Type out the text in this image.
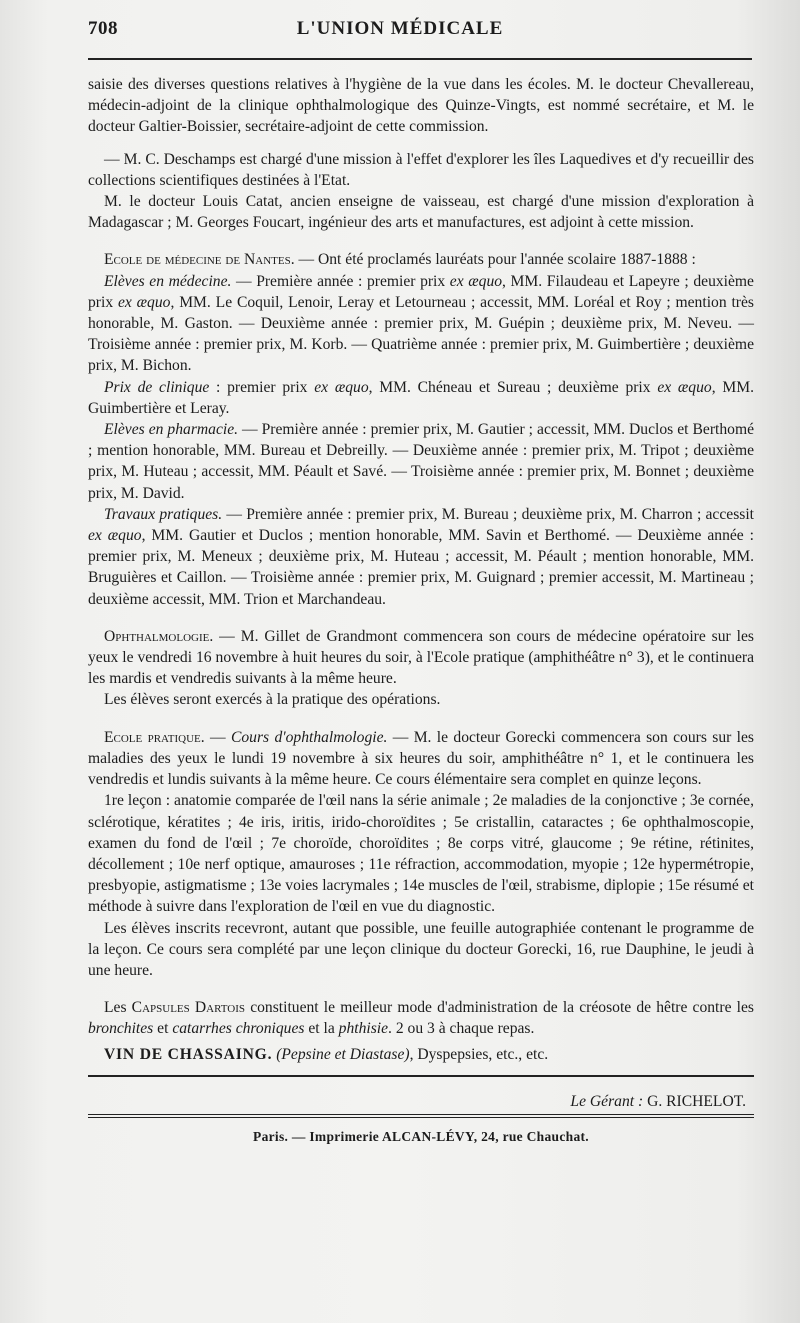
708	L'UNION MÉDICALE

saisie des diverses questions relatives à l'hygiène de la vue dans les écoles. M. le docteur Chevallereau, médecin-adjoint de la clinique ophthalmologique des Quinze-Vingts, est nommé secrétaire, et M. le docteur Galtier-Boissier, secrétaire-adjoint de cette commission.

— M. C. Deschamps est chargé d'une mission à l'effet d'explorer les îles Laquedives et d'y recueillir des collections scientifiques destinées à l'Etat.

M. le docteur Louis Catat, ancien enseigne de vaisseau, est chargé d'une mission d'exploration à Madagascar ; M. Georges Foucart, ingénieur des arts et manufactures, est adjoint à cette mission.

Ecole de médecine de Nantes. — Ont été proclamés lauréats pour l'année scolaire 1887-1888 :

Elèves en médecine. — Première année : premier prix ex æquo, MM. Filaudeau et Lapeyre ; deuxième prix ex æquo, MM. Le Coquil, Lenoir, Leray et Letourneau ; accessit, MM. Loréal et Roy ; mention très honorable, M. Gaston. — Deuxième année : premier prix, M. Guépin ; deuxième prix, M. Neveu. — Troisième année : premier prix, M. Korb. — Quatrième année : premier prix, M. Guimbertière ; deuxième prix, M. Bichon.

Prix de clinique : premier prix ex æquo, MM. Chéneau et Sureau ; deuxième prix ex æquo, MM. Guimbertière et Leray.

Elèves en pharmacie. — Première année : premier prix, M. Gautier ; accessit, MM. Duclos et Berthomé ; mention honorable, MM. Bureau et Debreilly. — Deuxième année : premier prix, M. Tripot ; deuxième prix, M. Huteau ; accessit, MM. Péault et Savé. — Troisième année : premier prix, M. Bonnet ; deuxième prix, M. David.

Travaux pratiques. — Première année : premier prix, M. Bureau ; deuxième prix, M. Charron ; accessit ex æquo, MM. Gautier et Duclos ; mention honorable, MM. Savin et Berthomé. — Deuxième année : premier prix, M. Meneux ; deuxième prix, M. Huteau ; accessit, M. Péault ; mention honorable, MM. Bruguières et Caillon. — Troisième année : premier prix, M. Guignard ; premier accessit, M. Martineau ; deuxième accessit, MM. Trion et Marchandeau.

Ophthalmologie. — M. Gillet de Grandmont commencera son cours de médecine opératoire sur les yeux le vendredi 16 novembre à huit heures du soir, à l'Ecole pratique (amphithéâtre n° 3), et le continuera les mardis et vendredis suivants à la même heure.

Les élèves seront exercés à la pratique des opérations.

Ecole pratique. — Cours d'ophthalmologie. — M. le docteur Gorecki commencera son cours sur les maladies des yeux le lundi 19 novembre à six heures du soir, amphithéâtre n° 1, et le continuera les vendredis et lundis suivants à la même heure. Ce cours élémentaire sera complet en quinze leçons.

1re leçon : anatomie comparée de l'œil nans la série animale ; 2e maladies de la conjonctive ; 3e cornée, sclérotique, kératites ; 4e iris, iritis, irido-choroïdites ; 5e cristallin, cataractes ; 6e ophthalmoscopie, examen du fond de l'œil ; 7e choroïde, choroïdites ; 8e corps vitré, glaucome ; 9e rétine, rétinites, décollement ; 10e nerf optique, amauroses ; 11e réfraction, accommodation, myopie ; 12e hypermétropie, presbyopie, astigmatisme ; 13e voies lacrymales ; 14e muscles de l'œil, strabisme, diplopie ; 15e résumé et méthode à suivre dans l'exploration de l'œil en vue du diagnostic.

Les élèves inscrits recevront, autant que possible, une feuille autographiée contenant le programme de la leçon. Ce cours sera complété par une leçon clinique du docteur Gorecki, 16, rue Dauphine, le jeudi à une heure.

Les Capsules Dartois constituent le meilleur mode d'administration de la créosote de hêtre contre les bronchites et catarrhes chroniques et la phthisie. 2 ou 3 à chaque repas.

VIN DE CHASSAING. (Pepsine et Diastase), Dyspepsies, etc., etc.

Le Gérant : G. RICHELOT.
Paris. — Imprimerie ALCAN-LÉVY, 24, rue Chauchat.
